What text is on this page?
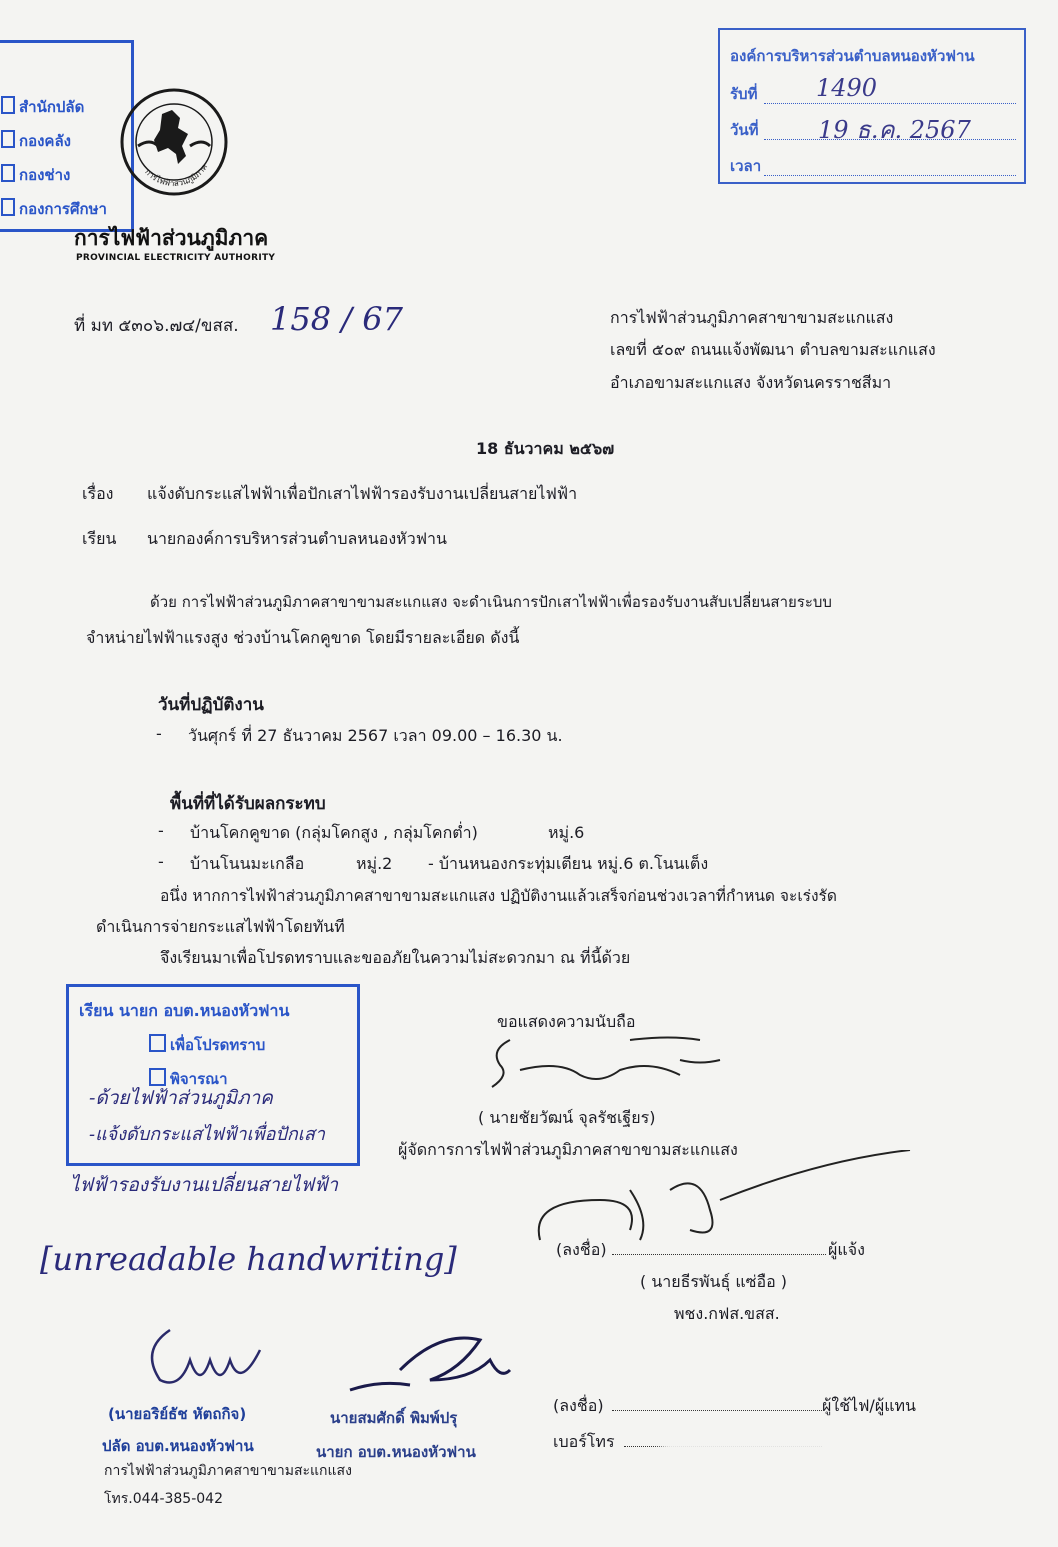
สำนักปลัด
กองคลัง
กองช่าง
กองการศึกษา
การไฟฟ้าส่วนภูมิภาค
การไฟฟ้าส่วนภูมิภาค
PROVINCIAL ELECTRICITY AUTHORITY
องค์การบริหารส่วนตำบลหนองหัวฟาน
รับที่ 1490
วันที่ 19 ธ.ค. 2567
เวลา
ที่ มท ๕๓๐๖.๗๔/ขสส. 158 / 67	การไฟฟ้าส่วนภูมิภาคสาขาขามสะแกแสง
เลขที่ ๕๐๙ ถนนแจ้งพัฒนา ตำบลขามสะแกแสง
อำเภอขามสะแกแสง จังหวัดนครราชสีมา
18 ธันวาคม ๒๕๖๗
เรื่อง แจ้งดับกระแสไฟฟ้าเพื่อปักเสาไฟฟ้ารองรับงานเปลี่ยนสายไฟฟ้า
เรียน นายกองค์การบริหารส่วนตำบลหนองหัวฟาน
ด้วย การไฟฟ้าส่วนภูมิภาคสาขาขามสะแกแสง จะดำเนินการปักเสาไฟฟ้าเพื่อรองรับงานสับเปลี่ยนสายระบบ
จำหน่ายไฟฟ้าแรงสูง ช่วงบ้านโคกคูขาด โดยมีรายละเอียด ดังนี้
วันที่ปฏิบัติงาน
- วันศุกร์ ที่ 27 ธันวาคม 2567 เวลา 09.00 – 16.30 น.
พื้นที่ที่ได้รับผลกระทบ
- บ้านโคกคูขาด (กลุ่มโคกสูง , กลุ่มโคกต่ำ)	หมู่.6
- บ้านโนนมะเกลือ	หมู่.2 - บ้านหนองกระทุ่มเตียน หมู่.6 ต.โนนเต็ง
อนึ่ง หากการไฟฟ้าส่วนภูมิภาคสาขาขามสะแกแสง ปฏิบัติงานแล้วเสร็จก่อนช่วงเวลาที่กำหนด จะเร่งรัด
ดำเนินการจ่ายกระแสไฟฟ้าโดยทันที
จึงเรียนมาเพื่อโปรดทราบและขออภัยในความไม่สะดวกมา ณ ที่นี้ด้วย
เรียน นายก อบต.หนองหัวฟาน
เพื่อโปรดทราบ
พิจารณา
-ด้วยไฟฟ้าส่วนภูมิภาค
-แจ้งดับกระแสไฟฟ้าเพื่อปักเสา
ไฟฟ้ารองรับงานเปลี่ยนสายไฟฟ้า
[unreadable handwriting]
ขอแสดงความนับถือ
( นายชัยวัฒน์ จุลรัชเฐียร)
ผู้จัดการการไฟฟ้าส่วนภูมิภาคสาขาขามสะแกแสง
(ลงชื่อ)	ผู้แจ้ง
( นายธีรพันธุ์ แซ่อือ )
พชง.กฟส.ขสส.
(ลงชื่อ)	ผู้ใช้ไฟ/ผู้แทน
เบอร์โทร
(นายอริย์ธัช หัตถกิจ)
ปลัด อบต.หนองหัวฟาน
นายสมศักดิ์ พิมพ์ปรุ
นายก อบต.หนองหัวฟาน
การไฟฟ้าส่วนภูมิภาคสาขาขามสะแกแสง
โทร.044-385-042
